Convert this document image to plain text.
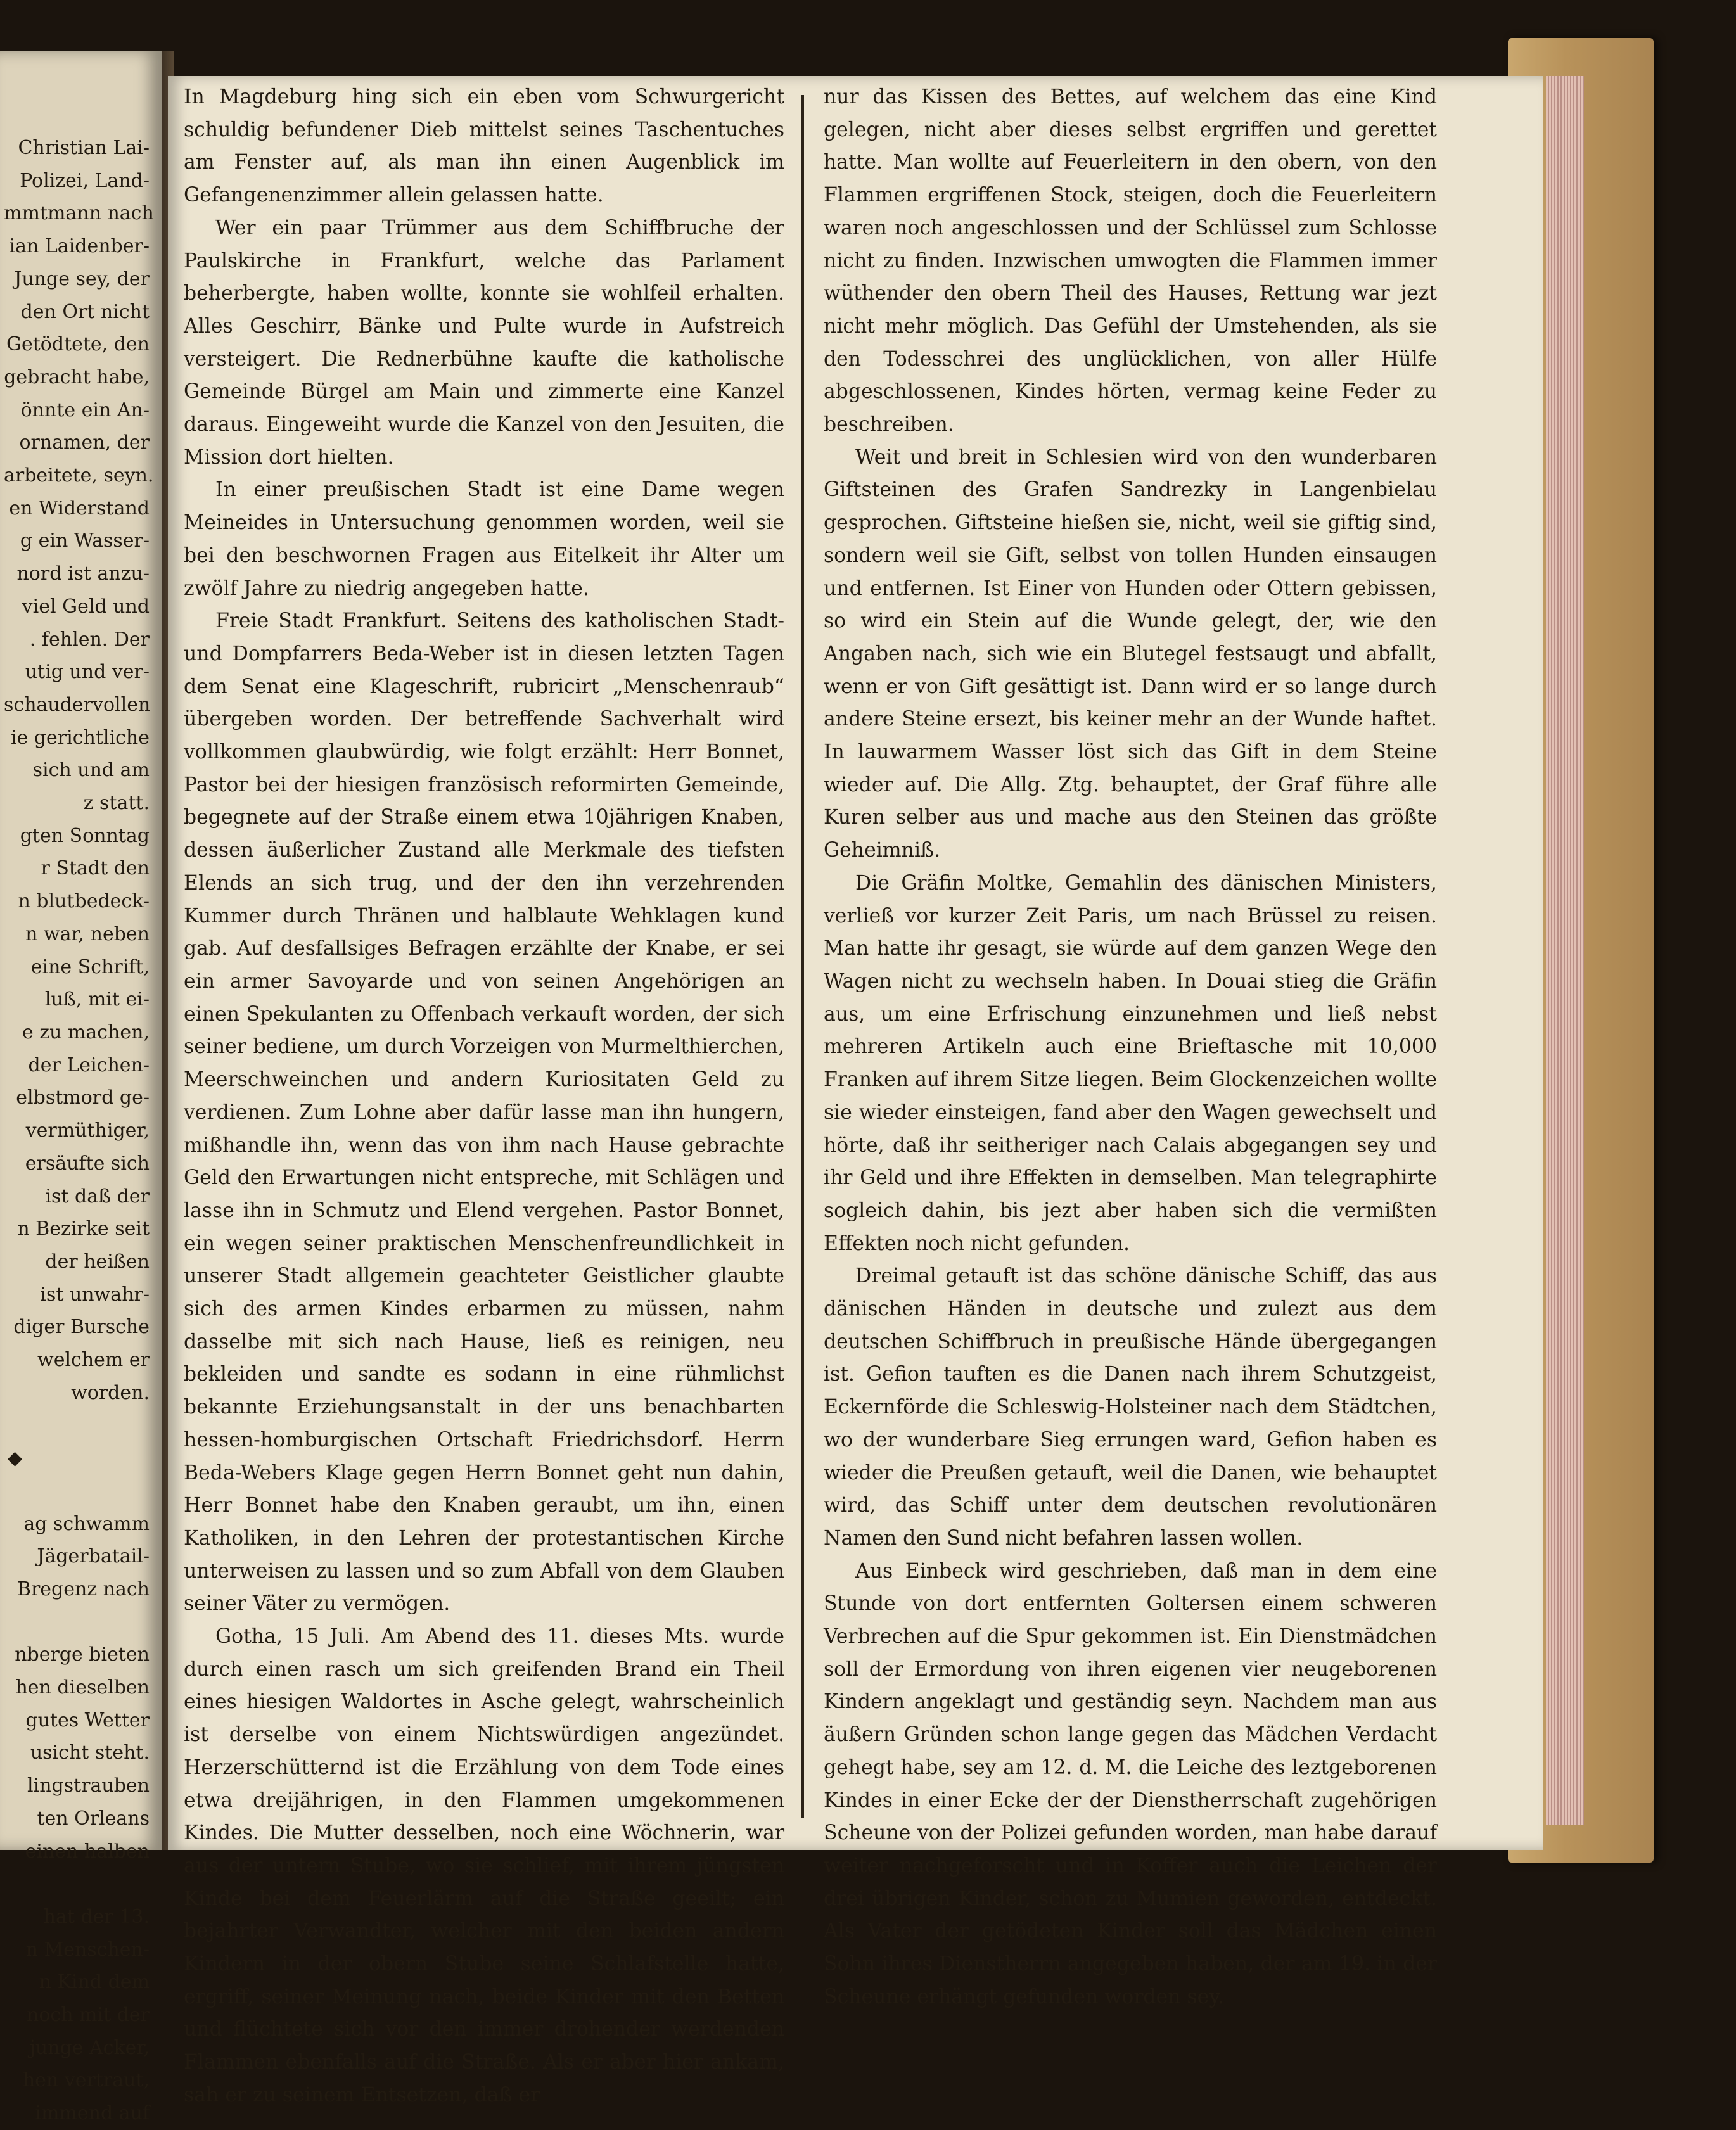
Christian Lai-
Polizei, Land-
mmtmann nach
ian Laidenber-
Junge sey, der
den Ort nicht
Getödtete, den
gebracht habe,
önnte ein An-
ornamen, der
arbeitete, seyn.
en Widerstand
g ein Wasser-
nord ist anzu-
viel Geld und
. fehlen. Der
utig und ver-
schaudervollen
ie gerichtliche
sich und am
z statt.
gten Sonntag
r Stadt den
n blutbedeck-
n war, neben
eine Schrift,
luß, mit ei-
e zu machen,
der Leichen-
elbstmord ge-
vermüthiger,
ersäufte sich
ist daß der
n Bezirke seit
der heißen
ist unwahr-
diger Bursche
welchem er
worden.

◆

ag schwamm
Jägerbatail-
Bregenz nach

nberge bieten
hen dieselben
gutes Wetter
usicht steht.
lingstrauben
ten Orleans
einen halben

hat der 13.
n Menschen-
n Kind dem
noch mit der
junge Acker,
hen vertraut,
immend auf

In Magdeburg hing sich ein eben vom Schwurgericht schuldig befundener Dieb mittelst seines Taschentuches am Fenster auf, als man ihn einen Augenblick im Gefangenenzimmer allein gelassen hatte.

Wer ein paar Trümmer aus dem Schiffbruche der Paulskirche in Frankfurt, welche das Parlament beherbergte, haben wollte, konnte sie wohlfeil erhalten. Alles Geschirr, Bänke und Pulte wurde in Aufstreich versteigert. Die Rednerbühne kaufte die katholische Gemeinde Bürgel am Main und zimmerte eine Kanzel daraus. Eingeweiht wurde die Kanzel von den Jesuiten, die Mission dort hielten.

In einer preußischen Stadt ist eine Dame wegen Meineides in Untersuchung genommen worden, weil sie bei den beschwornen Fragen aus Eitelkeit ihr Alter um zwölf Jahre zu niedrig angegeben hatte.

Freie Stadt Frankfurt. Seitens des katholischen Stadt- und Dompfarrers Beda-Weber ist in diesen letzten Tagen dem Senat eine Klageschrift, rubricirt „Menschenraub“ übergeben worden. Der betreffende Sachverhalt wird vollkommen glaubwürdig, wie folgt erzählt: Herr Bonnet, Pastor bei der hiesigen französisch reformirten Gemeinde, begegnete auf der Straße einem etwa 10jährigen Knaben, dessen äußerlicher Zustand alle Merkmale des tiefsten Elends an sich trug, und der den ihn verzehrenden Kummer durch Thränen und halblaute Wehklagen kund gab. Auf desfallsiges Befragen erzählte der Knabe, er sei ein armer Savoyarde und von seinen Angehörigen an einen Spekulanten zu Offenbach verkauft worden, der sich seiner bediene, um durch Vorzeigen von Murmelthierchen, Meerschweinchen und andern Kuriositaten Geld zu verdienen. Zum Lohne aber dafür lasse man ihn hungern, mißhandle ihn, wenn das von ihm nach Hause gebrachte Geld den Erwartungen nicht entspreche, mit Schlägen und lasse ihn in Schmutz und Elend vergehen. Pastor Bonnet, ein wegen seiner praktischen Menschenfreundlichkeit in unserer Stadt allgemein geachteter Geistlicher glaubte sich des armen Kindes erbarmen zu müssen, nahm dasselbe mit sich nach Hause, ließ es reinigen, neu bekleiden und sandte es sodann in eine rühmlichst bekannte Erziehungsanstalt in der uns benachbarten hessen-homburgischen Ortschaft Friedrichsdorf. Herrn Beda-Webers Klage gegen Herrn Bonnet geht nun dahin, Herr Bonnet habe den Knaben geraubt, um ihn, einen Katholiken, in den Lehren der protestantischen Kirche unterweisen zu lassen und so zum Abfall von dem Glauben seiner Väter zu vermögen.

Gotha, 15 Juli. Am Abend des 11. dieses Mts. wurde durch einen rasch um sich greifenden Brand ein Theil eines hiesigen Waldortes in Asche gelegt, wahrscheinlich ist derselbe von einem Nichtswürdigen angezündet. Herzerschütternd ist die Erzählung von dem Tode eines etwa dreijährigen, in den Flammen umgekommenen Kindes. Die Mutter desselben, noch eine Wöchnerin, war aus der untern Stube, wo sie schlief, mit ihrem jüngsten Kinde bei dem Feuerlärm auf die Straße geeilt; ein bejahrter Verwandter, welcher mit den beiden andern Kindern in der obern Stube seine Schlafstelle hatte, ergriff, seiner Meinung nach, beide Kinder mit den Betten und flüchtete sich vor den immer drohender werdenden Flammen ebenfalls auf die Straße. Als er aber hier ankam, sah er zu seinem Entsetzen, daß er

nur das Kissen des Bettes, auf welchem das eine Kind gelegen, nicht aber dieses selbst ergriffen und gerettet hatte. Man wollte auf Feuerleitern in den obern, von den Flammen ergriffenen Stock, steigen, doch die Feuerleitern waren noch angeschlossen und der Schlüssel zum Schlosse nicht zu finden. Inzwischen umwogten die Flammen immer wüthender den obern Theil des Hauses, Rettung war jezt nicht mehr möglich. Das Gefühl der Umstehenden, als sie den Todesschrei des unglücklichen, von aller Hülfe abgeschlossenen, Kindes hörten, vermag keine Feder zu beschreiben.

Weit und breit in Schlesien wird von den wunderbaren Giftsteinen des Grafen Sandrezky in Langenbielau gesprochen. Giftsteine hießen sie, nicht, weil sie giftig sind, sondern weil sie Gift, selbst von tollen Hunden einsaugen und entfernen. Ist Einer von Hunden oder Ottern gebissen, so wird ein Stein auf die Wunde gelegt, der, wie den Angaben nach, sich wie ein Blutegel festsaugt und abfallt, wenn er von Gift gesättigt ist. Dann wird er so lange durch andere Steine ersezt, bis keiner mehr an der Wunde haftet. In lauwarmem Wasser löst sich das Gift in dem Steine wieder auf. Die Allg. Ztg. behauptet, der Graf führe alle Kuren selber aus und mache aus den Steinen das größte Geheimniß.

Die Gräfin Moltke, Gemahlin des dänischen Ministers, verließ vor kurzer Zeit Paris, um nach Brüssel zu reisen. Man hatte ihr gesagt, sie würde auf dem ganzen Wege den Wagen nicht zu wechseln haben. In Douai stieg die Gräfin aus, um eine Erfrischung einzunehmen und ließ nebst mehreren Artikeln auch eine Brieftasche mit 10,000 Franken auf ihrem Sitze liegen. Beim Glockenzeichen wollte sie wieder einsteigen, fand aber den Wagen gewechselt und hörte, daß ihr seitheriger nach Calais abgegangen sey und ihr Geld und ihre Effekten in demselben. Man telegraphirte sogleich dahin, bis jezt aber haben sich die vermißten Effekten noch nicht gefunden.

Dreimal getauft ist das schöne dänische Schiff, das aus dänischen Händen in deutsche und zulezt aus dem deutschen Schiffbruch in preußische Hände übergegangen ist. Gefion tauften es die Danen nach ihrem Schutzgeist, Eckernförde die Schleswig-Holsteiner nach dem Städtchen, wo der wunderbare Sieg errungen ward, Gefion haben es wieder die Preußen getauft, weil die Danen, wie behauptet wird, das Schiff unter dem deutschen revolutionären Namen den Sund nicht befahren lassen wollen.

Aus Einbeck wird geschrieben, daß man in dem eine Stunde von dort entfernten Goltersen einem schweren Verbrechen auf die Spur gekommen ist. Ein Dienstmädchen soll der Ermordung von ihren eigenen vier neugeborenen Kindern angeklagt und geständig seyn. Nachdem man aus äußern Gründen schon lange gegen das Mädchen Verdacht gehegt habe, sey am 12. d. M. die Leiche des leztgeborenen Kindes in einer Ecke der der Dienstherrschaft zugehörigen Scheune von der Polizei gefunden worden, man habe darauf weiter nachgeforscht und in Koffer auch die Leichen der drei übrigen Kinder, schon zu Mumien geworden, entdeckt. Als Vater der getödeten Kinder soll das Mädchen einen Sohn ihres Dienstherrn angegeben haben, der am 19. in der Scheune erhängt gefunden worden sey.
